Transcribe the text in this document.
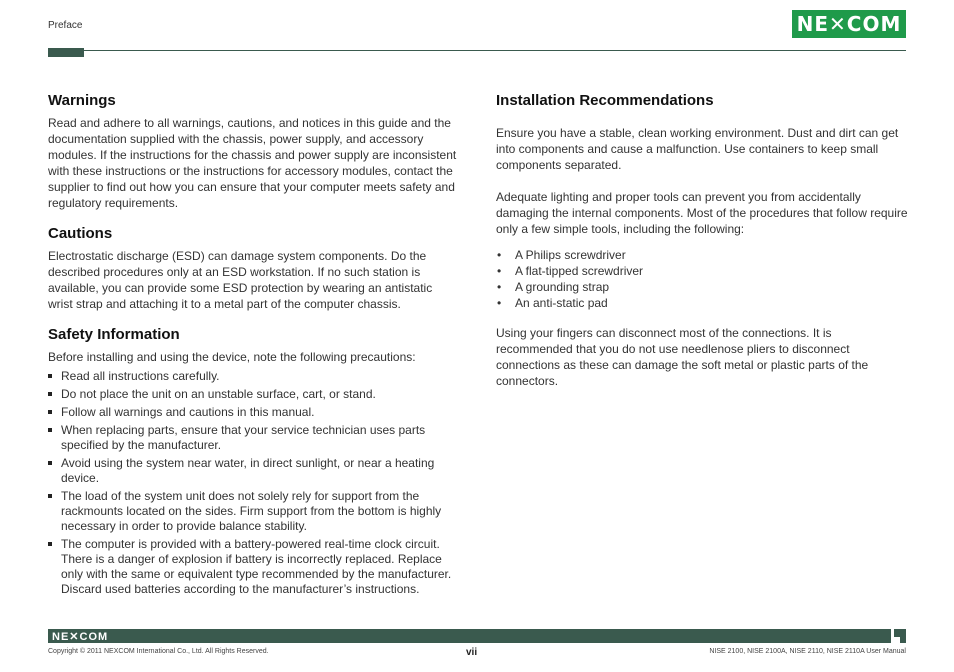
Preface	NE✕COM
Warnings

Read and adhere to all warnings, cautions, and notices in this guide and the documentation supplied with the chassis, power supply, and accessory modules. If the instructions for the chassis and power supply are inconsistent with these instructions or the instructions for accessory modules, contact the supplier to find out how you can ensure that your computer meets safety and regulatory requirements.

Cautions

Electrostatic discharge (ESD) can damage system components. Do the described procedures only at an ESD workstation. If no such station is available, you can provide some ESD protection by wearing an antistatic wrist strap and attaching it to a metal part of the computer chassis.

Safety Information

Before installing and using the device, note the following precautions:

Read all instructions carefully.
Do not place the unit on an unstable surface, cart, or stand.
Follow all warnings and cautions in this manual.
When replacing parts, ensure that your service technician uses parts specified by the manufacturer.
Avoid using the system near water, in direct sunlight, or near a heating device.
The load of the system unit does not solely rely for support from the rackmounts located on the sides. Firm support from the bottom is highly necessary in order to provide balance stability.
The computer is provided with a battery-powered real-time clock circuit. There is a danger of explosion if battery is incorrectly replaced. Replace only with the same or equivalent type recommended by the manufacturer. Discard used batteries according to the manufacturer’s instructions.
Installation Recommendations

Ensure you have a stable, clean working environment. Dust and dirt can get into components and cause a malfunction. Use containers to keep small components separated.

Adequate lighting and proper tools can prevent you from accidentally damaging the internal components. Most of the procedures that follow require only a few simple tools, including the following:

• A Philips screwdriver
• A flat-tipped screwdriver
• A grounding strap
• An anti-static pad

Using your fingers can disconnect most of the connections. It is recommended that you do not use needlenose pliers to disconnect connections as these can damage the soft metal or plastic parts of the connectors.

NE✕COM
Copyright © 2011 NEXCOM International Co., Ltd. All Rights Reserved.	vii	NISE 2100, NISE 2100A, NISE 2110, NISE 2110A User Manual
